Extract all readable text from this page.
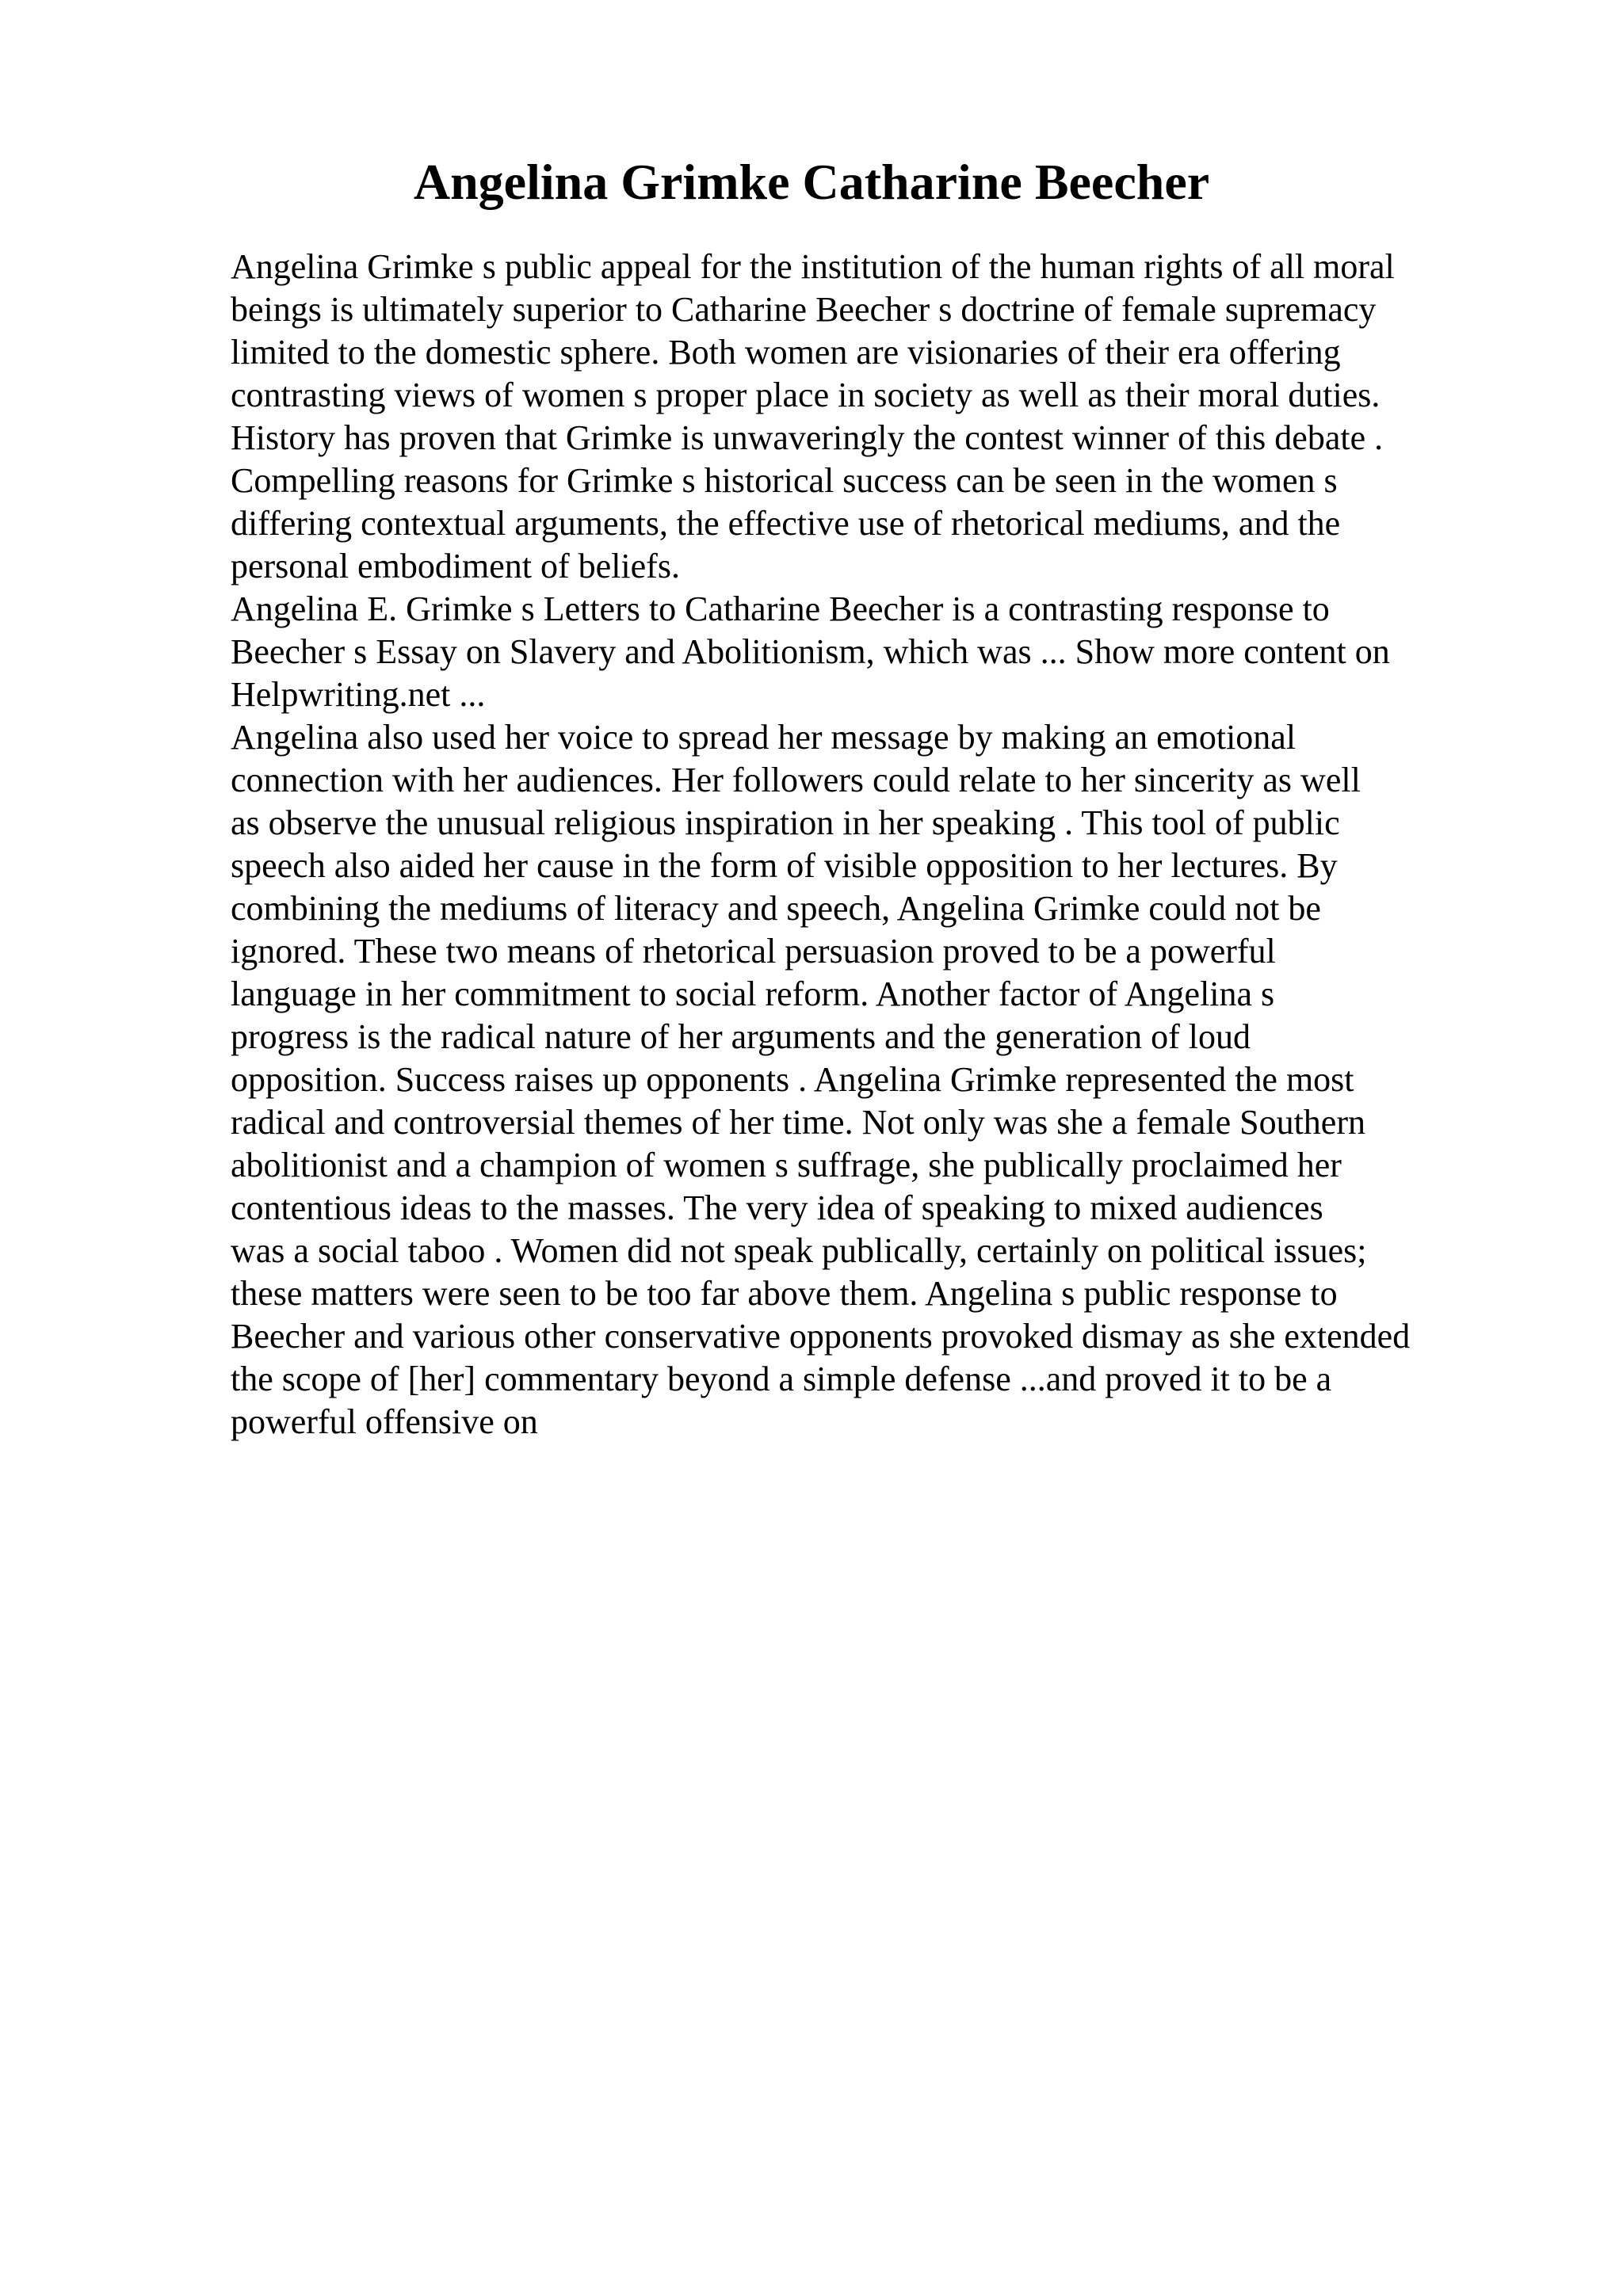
Angelina Grimke Catharine Beecher
Angelina Grimke s public appeal for the institution of the human rights of all moral
beings is ultimately superior to Catharine Beecher s doctrine of female supremacy
limited to the domestic sphere. Both women are visionaries of their era offering
contrasting views of women s proper place in society as well as their moral duties.
History has proven that Grimke is unwaveringly the contest winner of this debate .
Compelling reasons for Grimke s historical success can be seen in the women s
differing contextual arguments, the effective use of rhetorical mediums, and the
personal embodiment of beliefs.
Angelina E. Grimke s Letters to Catharine Beecher is a contrasting response to
Beecher s Essay on Slavery and Abolitionism, which was ... Show more content on
Helpwriting.net ...
Angelina also used her voice to spread her message by making an emotional
connection with her audiences. Her followers could relate to her sincerity as well
as observe the unusual religious inspiration in her speaking . This tool of public
speech also aided her cause in the form of visible opposition to her lectures. By
combining the mediums of literacy and speech, Angelina Grimke could not be
ignored. These two means of rhetorical persuasion proved to be a powerful
language in her commitment to social reform. Another factor of Angelina s
progress is the radical nature of her arguments and the generation of loud
opposition. Success raises up opponents . Angelina Grimke represented the most
radical and controversial themes of her time. Not only was she a female Southern
abolitionist and a champion of women s suffrage, she publically proclaimed her
contentious ideas to the masses. The very idea of speaking to mixed audiences
was a social taboo . Women did not speak publically, certainly on political issues;
these matters were seen to be too far above them. Angelina s public response to
Beecher and various other conservative opponents provoked dismay as she extended
the scope of [her] commentary beyond a simple defense ...and proved it to be a
powerful offensive on
